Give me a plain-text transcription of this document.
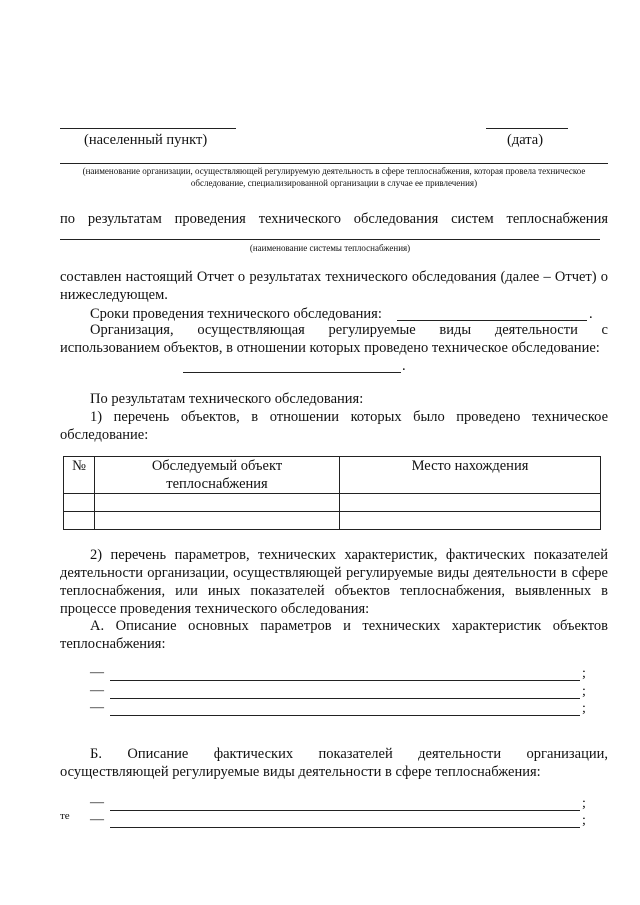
(населенный пункт)	(дата)
(наименование организации, осуществляющей регулируемую деятельность в сфере теплоснабжения, которая провела техническое обследование, специализированной организации в случае ее привлечения)
по результатам проведения технического обследования систем теплоснабжения
(наименование системы теплоснабжения)
составлен настоящий Отчет о результатах технического обследования (далее – Отчет) о нижеследующем.
Сроки проведения технического обследования:	.
Организация, осуществляющая регулируемые виды деятельности с использованием объектов, в отношении которых проведено техническое обследование:
.
По результатам технического обследования:
1) перечень объектов, в отношении которых было проведено техническое обследование:
№	Обследуемый объект теплоснабжения	Место нахождения

2) перечень параметров, технических характеристик, фактических показателей деятельности организации, осуществляющей регулируемые виды деятельности в сфере теплоснабжения, или иных показателей объектов теплоснабжения, выявленных в процессе проведения технического обследования:
А. Описание основных параметров и технических характеристик объектов теплоснабжения:
—	;
—	;
—	;
Б. Описание фактических показателей деятельности организации, осуществляющей регулируемые виды деятельности в сфере теплоснабжения:
—	;
те —	;
